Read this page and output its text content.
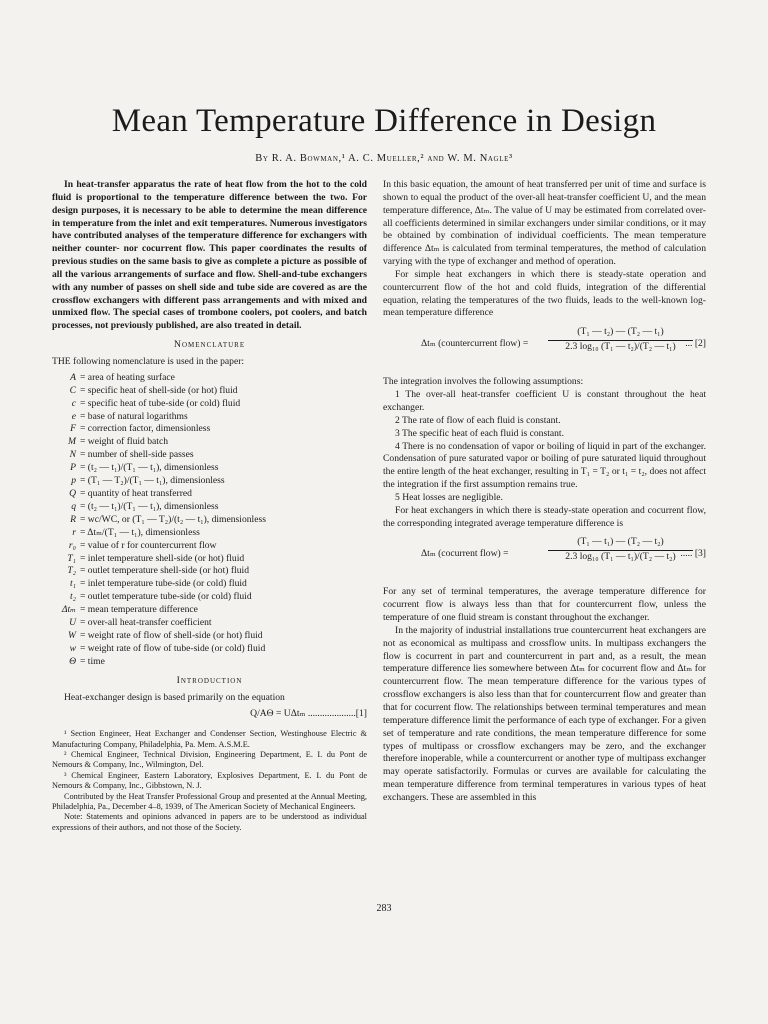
Mean Temperature Difference in Design
By R. A. Bowman,¹ A. C. Mueller,² and W. M. Nagle³

In heat-transfer apparatus the rate of heat flow from the hot to the cold fluid is proportional to the temperature difference between the two. For design purposes, it is necessary to be able to determine the mean difference in temperature from the inlet and exit temperatures. Numerous investigators have contributed analyses of the temperature difference for exchangers with neither counter- nor cocurrent flow. This paper coordinates the results of previous studies on the same basis to give as complete a picture as possible of all the various arrangements of surface and flow. Shell-and-tube exchangers with any number of passes on shell side and tube side are covered as are the crossflow exchangers with different pass arrangements and with mixed and unmixed flow. The special cases of trombone coolers, pot coolers, and batch processes, not previously published, are also treated in detail.

Nomenclature

THE following nomenclature is used in the paper:

A = area of heating surface
C = specific heat of shell-side (or hot) fluid
c = specific heat of tube-side (or cold) fluid
e = base of natural logarithms
F = correction factor, dimensionless
M = weight of fluid batch
N = number of shell-side passes
P = (t₂ — t₁)/(T₁ — t₁), dimensionless
p = (T₁ — T₂)/(T₁ — t₁), dimensionless
Q = quantity of heat transferred
q = (t₂ — t₁)/(T₁ — t₁), dimensionless
R = wc/WC, or (T₁ — T₂)/(t₂ — t₁), dimensionless
r = Δtₘ/(T₁ — t₁), dimensionless
r₀ = value of r for countercurrent flow
T₁ = inlet temperature shell-side (or hot) fluid
T₂ = outlet temperature shell-side (or hot) fluid
t₁ = inlet temperature tube-side (or cold) fluid
t₂ = outlet temperature tube-side (or cold) fluid
Δtₘ = mean temperature difference
U = over-all heat-transfer coefficient
W = weight rate of flow of shell-side (or hot) fluid
w = weight rate of flow of tube-side (or cold) fluid
Θ = time
Introduction

Heat-exchanger design is based primarily on the equation

Q/AΘ = UΔtₘ ....................[1]

¹ Section Engineer, Heat Exchanger and Condenser Section, Westinghouse Electric & Manufacturing Company, Philadelphia, Pa. Mem. A.S.M.E.

² Chemical Engineer, Technical Division, Engineering Department, E. I. du Pont de Nemours & Company, Inc., Wilmington, Del.

³ Chemical Engineer, Eastern Laboratory, Explosives Department, E. I. du Pont de Nemours & Company, Inc., Gibbstown, N. J.

Contributed by the Heat Transfer Professional Group and presented at the Annual Meeting, Philadelphia, Pa., December 4–8, 1939, of The American Society of Mechanical Engineers.

Note: Statements and opinions advanced in papers are to be understood as individual expressions of their authors, and not those of the Society.

In this basic equation, the amount of heat transferred per unit of time and surface is shown to equal the product of the over-all heat-transfer coefficient U, and the mean temperature difference, Δtₘ. The value of U may be estimated from correlated over-all coefficients determined in similar exchangers under similar conditions, or it may be obtained by combination of individual coefficients. The mean temperature difference Δtₘ is calculated from terminal temperatures, the method of calculation varying with the type of exchanger and method of operation.

For simple heat exchangers in which there is steady-state operation and countercurrent flow of the hot and cold fluids, integration of the differential equation, relating the temperatures of the two fluids, leads to the well-known log-mean temperature difference

Δtₘ (countercurrent flow) = $\frac{\text{(T₁ — t₂) — (T₂ — t₁)}}{\text{2.3 log₁₀ (T₁ — t₂)/(T₂ — t₁)}}$
... [2]

The integration involves the following assumptions:

1 The over-all heat-transfer coefficient U is constant throughout the heat exchanger.

2 The rate of flow of each fluid is constant.

3 The specific heat of each fluid is constant.

4 There is no condensation of vapor or boiling of liquid in part of the exchanger. Condensation of pure saturated vapor or boiling of pure saturated liquid throughout the entire length of the heat exchanger, resulting in T₁ = T₂ or t₁ = t₂, does not affect the integration if the first assumption remains true.

5 Heat losses are negligible.

For heat exchangers in which there is steady-state operation and cocurrent flow, the corresponding integrated average temperature difference is

Δtₘ (cocurrent flow) =	$\frac{\text{(T₁ — t₁) — (T₂ — t₂)}}{\text{2.3 log₁₀ (T₁ — t₁)/(T₂ — t₂)}}$
..... [3]

For any set of terminal temperatures, the average temperature difference for cocurrent flow is always less than that for countercurrent flow, unless the temperature of one fluid stream is constant throughout the exchanger.

In the majority of industrial installations true countercurrent heat exchangers are not as economical as multipass and crossflow units. In multipass exchangers the flow is cocurrent in part and countercurrent in part and, as a result, the mean temperature difference lies somewhere between Δtₘ for cocurrent flow and Δtₘ for countercurrent flow. The mean temperature difference for the various types of crossflow exchangers is also less than that for countercurrent flow and greater than that for cocurrent flow. The relationships between terminal temperatures and mean temperature difference limit the performance of each type of exchanger. For a given set of temperature and rate conditions, the mean temperature difference for some types of multipass or crossflow exchangers may be zero, and the exchanger therefore inoperable, while a countercurrent or another type of multipass exchanger may operate satisfactorily. Formulas or curves are available for calculating the mean temperature difference from terminal temperatures in various types of heat exchangers. These are assembled in this

283
